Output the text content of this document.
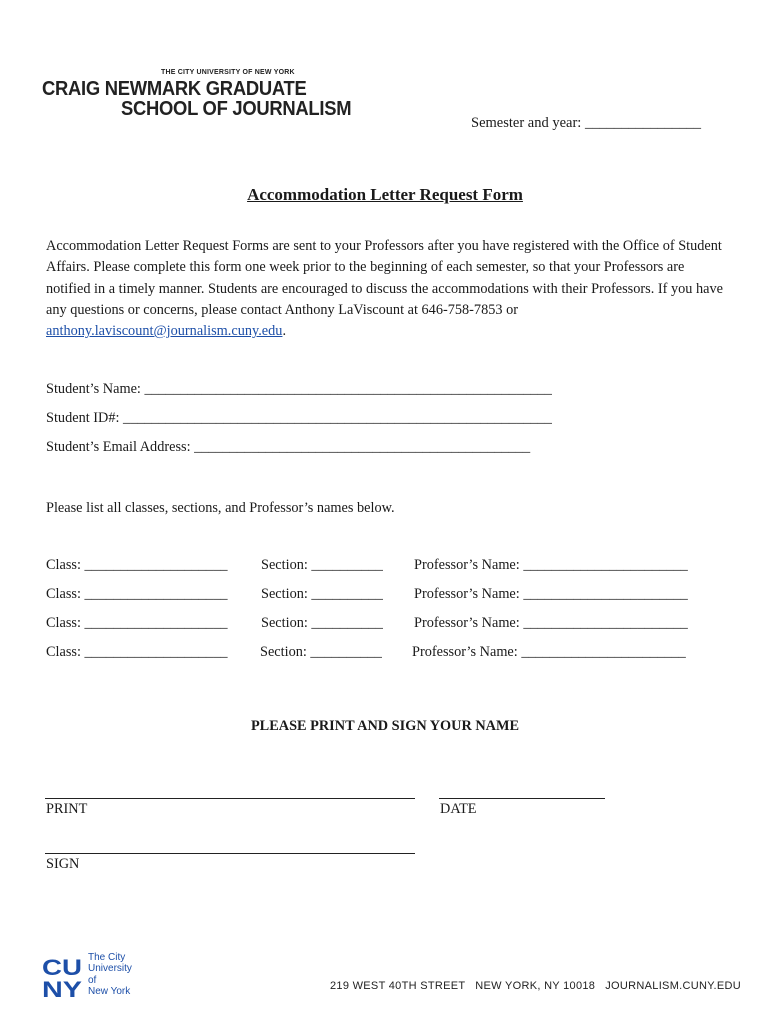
THE CITY UNIVERSITY OF NEW YORK
CRAIG NEWMARK GRADUATE
SCHOOL OF JOURNALISM
Semester and year: ________________
Accommodation Letter Request Form
Accommodation Letter Request Forms are sent to your Professors after you have registered with the Office of Student Affairs. Please complete this form one week prior to the beginning of each semester, so that your Professors are notified in a timely manner. Students are encouraged to discuss the accommodations with their Professors. If you have any questions or concerns, please contact Anthony LaViscount at 646-758-7853 or anthony.laviscount@journalism.cuny.edu.
Student’s Name: _________________________________________________________
Student ID#: ____________________________________________________________
Student’s Email Address: _______________________________________________
Please list all classes, sections, and Professor’s names below.
Class: ____________________ Section: __________ Professor’s Name: _______________________
Class: ____________________ Section: __________ Professor’s Name: _______________________
Class: ____________________ Section: __________ Professor’s Name: _______________________
Class: ____________________ Section: __________ Professor’s Name: _______________________
PLEASE PRINT AND SIGN YOUR NAME
PRINT	DATE
SIGN
CU
NY
The City
University
of
New York	219 WEST 40TH STREET   NEW YORK, NY 10018   JOURNALISM.CUNY.EDU
